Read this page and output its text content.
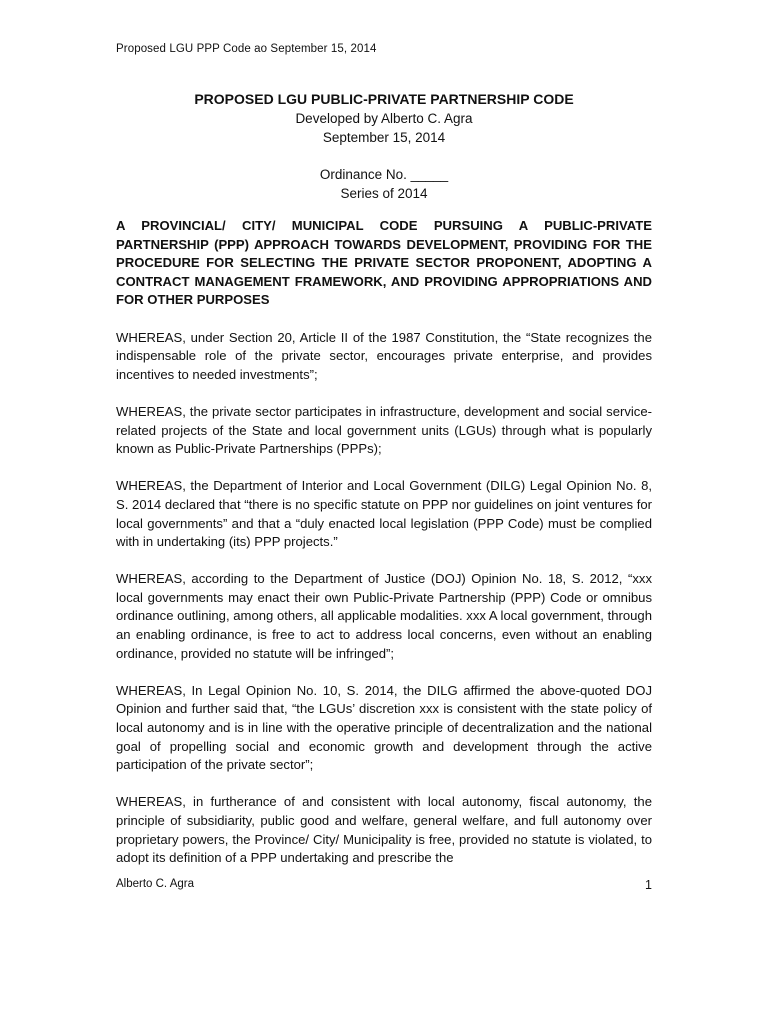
Proposed LGU PPP Code ao September 15, 2014
PROPOSED LGU PUBLIC-PRIVATE PARTNERSHIP CODE
Developed by Alberto C. Agra
September 15, 2014
Ordinance No. _____
Series of 2014

A PROVINCIAL/ CITY/ MUNICIPAL CODE PURSUING A PUBLIC-PRIVATE PARTNERSHIP (PPP) APPROACH TOWARDS DEVELOPMENT, PROVIDING FOR THE PROCEDURE FOR SELECTING THE PRIVATE SECTOR PROPONENT, ADOPTING A CONTRACT MANAGEMENT FRAMEWORK, AND PROVIDING APPROPRIATIONS AND FOR OTHER PURPOSES

WHEREAS, under Section 20, Article II of the 1987 Constitution, the “State recognizes the indispensable role of the private sector, encourages private enterprise, and provides incentives to needed investments”;

WHEREAS, the private sector participates in infrastructure, development and social service-related projects of the State and local government units (LGUs) through what is popularly known as Public-Private Partnerships (PPPs);

WHEREAS, the Department of Interior and Local Government (DILG) Legal Opinion No. 8, S. 2014 declared that “there is no specific statute on PPP nor guidelines on joint ventures for local governments” and that a “duly enacted local legislation (PPP Code) must be complied with in undertaking (its) PPP projects.”

WHEREAS, according to the Department of Justice (DOJ) Opinion No. 18, S. 2012, “xxx local governments may enact their own Public-Private Partnership (PPP) Code or omnibus ordinance outlining, among others, all applicable modalities. xxx A local government, through an enabling ordinance, is free to act to address local concerns, even without an enabling ordinance, provided no statute will be infringed”;

WHEREAS, In Legal Opinion No. 10, S. 2014, the DILG affirmed the above-quoted DOJ Opinion and further said that, “the LGUs’ discretion xxx is consistent with the state policy of local autonomy and is in line with the operative principle of decentralization and the national goal of propelling social and economic growth and development through the active participation of the private sector”;

WHEREAS, in furtherance of and consistent with local autonomy, fiscal autonomy, the principle of subsidiarity, public good and welfare, general welfare, and full autonomy over proprietary powers, the Province/ City/ Municipality is free, provided no statute is violated, to adopt its definition of a PPP undertaking and prescribe the

Alberto C. Agra	1
